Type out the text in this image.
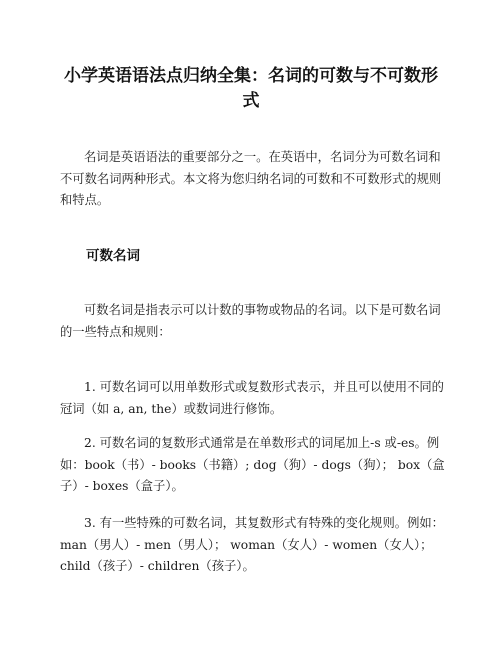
小学英语语法点归纳全集：名词的可数与不可数形式

名词是英语语法的重要部分之一。在英语中，名词分为可数名词和不可数名词两种形式。本文将为您归纳名词的可数和不可数形式的规则和特点。

可数名词

可数名词是指表示可以计数的事物或物品的名词。以下是可数名词的一些特点和规则：

1. 可数名词可以用单数形式或复数形式表示，并且可以使用不同的冠词（如 a, an, the）或数词进行修饰。

2. 可数名词的复数形式通常是在单数形式的词尾加上-s 或-es。例如：book（书）- books（书籍）; dog（狗）- dogs（狗）； box（盒子）- boxes（盒子）。

3. 有一些特殊的可数名词，其复数形式有特殊的变化规则。例如：man（男人）- men（男人）； woman（女人）- women（女人）； child（孩子）- children（孩子）。
